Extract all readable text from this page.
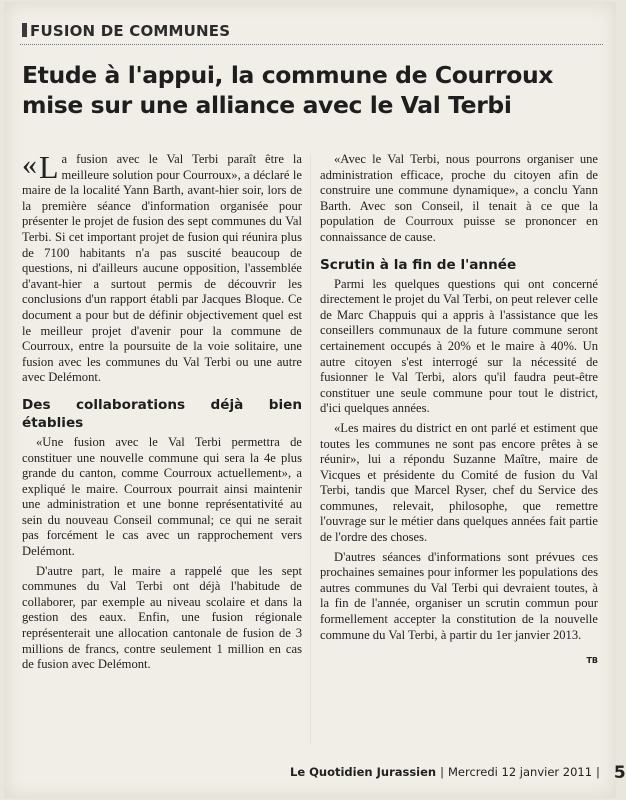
FUSION DE COMMUNES
Etude à l'appui, la commune de Courroux
mise sur une alliance avec le Val Terbi

« L a fusion avec le Val Terbi paraît être la meilleure solution pour Courroux», a déclaré le maire de la localité Yann Barth, avant-hier soir, lors de la première séance d'information organisée pour présenter le projet de fusion des sept communes du Val Terbi. Si cet important projet de fusion qui réunira plus de 7100 habitants n'a pas suscité beaucoup de questions, ni d'ailleurs aucune opposition, l'assemblée d'avant-hier a surtout permis de découvrir les conclusions d'un rapport établi par Jacques Bloque. Ce document a pour but de définir objectivement quel est le meilleur projet d'avenir pour la commune de Courroux, entre la poursuite de la voie solitaire, une fusion avec les communes du Val Terbi ou une autre avec Delémont.

Des collaborations déjà bien établies

«Une fusion avec le Val Terbi permettra de constituer une nouvelle commune qui sera la 4e plus grande du canton, comme Courroux actuellement», a expliqué le maire. Courroux pourrait ainsi maintenir une administration et une bonne représentativité au sein du nouveau Conseil communal; ce qui ne serait pas forcément le cas avec un rapprochement vers Delémont.

D'autre part, le maire a rappelé que les sept communes du Val Terbi ont déjà l'habitude de collaborer, par exemple au niveau scolaire et dans la gestion des eaux. Enfin, une fusion régionale représenterait une allocation cantonale de fusion de 3 millions de francs, contre seulement 1 million en cas de fusion avec Delémont.

«Avec le Val Terbi, nous pourrons organiser une administration efficace, proche du citoyen afin de construire une commune dynamique», a conclu Yann Barth. Avec son Conseil, il tenait à ce que la population de Courroux puisse se prononcer en connaissance de cause.

Scrutin à la fin de l'année

Parmi les quelques questions qui ont concerné directement le projet du Val Terbi, on peut relever celle de Marc Chappuis qui a appris à l'assistance que les conseillers communaux de la future commune seront certainement occupés à 20% et le maire à 40%. Un autre citoyen s'est interrogé sur la nécessité de fusionner le Val Terbi, alors qu'il faudra peut-être constituer une seule commune pour tout le district, d'ici quelques années.

«Les maires du district en ont parlé et estiment que toutes les communes ne sont pas encore prêtes à se réunir», lui a répondu Suzanne Maître, maire de Vicques et présidente du Comité de fusion du Val Terbi, tandis que Marcel Ryser, chef du Service des communes, relevait, philosophe, que remettre l'ouvrage sur le métier dans quelques années fait partie de l'ordre des choses.

D'autres séances d'informations sont prévues ces prochaines semaines pour informer les populations des autres communes du Val Terbi qui devraient toutes, à la fin de l'année, organiser un scrutin commun pour formellement accepter la constitution de la nouvelle commune du Val Terbi, à partir du 1er janvier 2013.

TB
Le Quotidien Jurassien | Mercredi 12 janvier 2011 | 5
